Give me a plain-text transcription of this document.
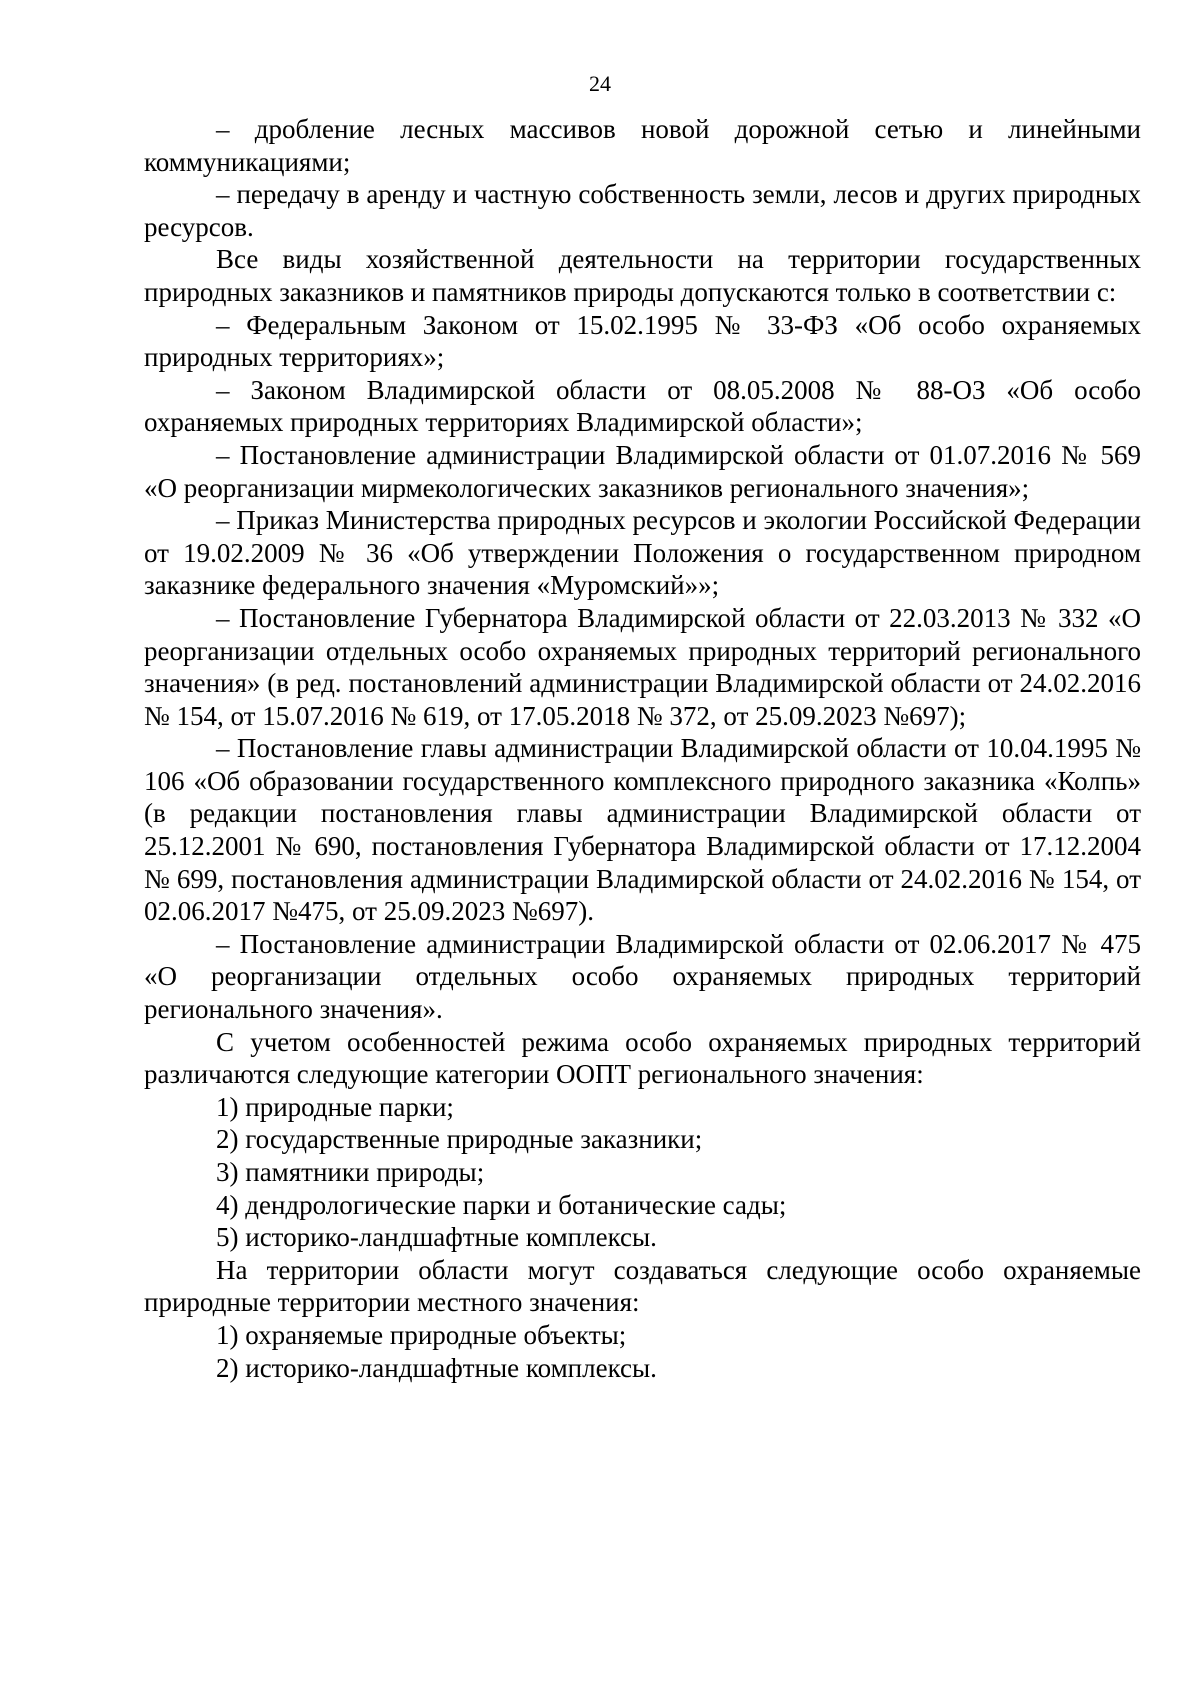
24

– дробление лесных массивов новой дорожной сетью и линейными коммуникациями;

– передачу в аренду и частную собственность земли, лесов и других природных ресурсов.

Все виды хозяйственной деятельности на территории государственных природных заказников и памятников природы допускаются только в соответствии с:

– Федеральным Законом от 15.02.1995 № 33-ФЗ «Об особо охраняемых природных территориях»;

– Законом Владимирской области от 08.05.2008 № 88-ОЗ «Об особо охраняемых природных территориях Владимирской области»;

– Постановление администрации Владимирской области от 01.07.2016 № 569 «О реорганизации мирмекологических заказников регионального значения»;

– Приказ Министерства природных ресурсов и экологии Российской Федерации от 19.02.2009 № 36 «Об утверждении Положения о государственном природном заказнике федерального значения «Муромский»»;

– Постановление Губернатора Владимирской области от 22.03.2013 № 332 «О реорганизации отдельных особо охраняемых природных территорий регионального значения» (в ред. постановлений администрации Владимирской области от 24.02.2016 № 154, от 15.07.2016 № 619, от 17.05.2018 № 372, от 25.09.2023 №697);

– Постановление главы администрации Владимирской области от 10.04.1995 № 106 «Об образовании государственного комплексного природного заказника «Колпь» (в редакции постановления главы администрации Владимирской области от 25.12.2001 № 690, постановления Губернатора Владимирской области от 17.12.2004 № 699, постановления администрации Владимирской области от 24.02.2016 № 154, от 02.06.2017 №475, от 25.09.2023 №697).

– Постановление администрации Владимирской области от 02.06.2017 № 475 «О реорганизации отдельных особо охраняемых природных территорий регионального значения».

С учетом особенностей режима особо охраняемых природных территорий различаются следующие категории ООПТ регионального значения:

1) природные парки;

2) государственные природные заказники;

3) памятники природы;

4) дендрологические парки и ботанические сады;

5) историко-ландшафтные комплексы.

На территории области могут создаваться следующие особо охраняемые природные территории местного значения:

1) охраняемые природные объекты;

2) историко-ландшафтные комплексы.
